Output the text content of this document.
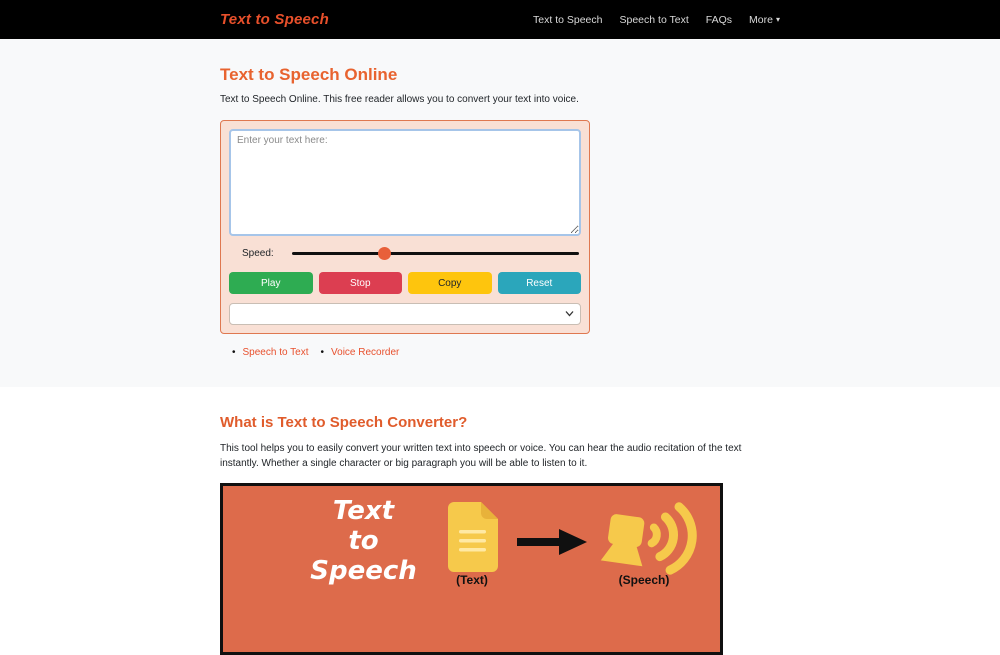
Text to Speech	Text to Speech Speech to Text FAQs More ▾
Text to Speech Online

Text to Speech Online. This free reader allows you to convert your text into voice.

Enter your text here:
Speed:
Play	Stop	Copy	Reset
• Speech to Text • Voice Recorder
What is Text to Speech Converter?

This tool helps you to easily convert your written text into speech or voice. You can hear the audio recitation of the text instantly. Whether a single character or big paragraph you will be able to listen to it.

Text
to
Speech	(Text)	(Speech)
